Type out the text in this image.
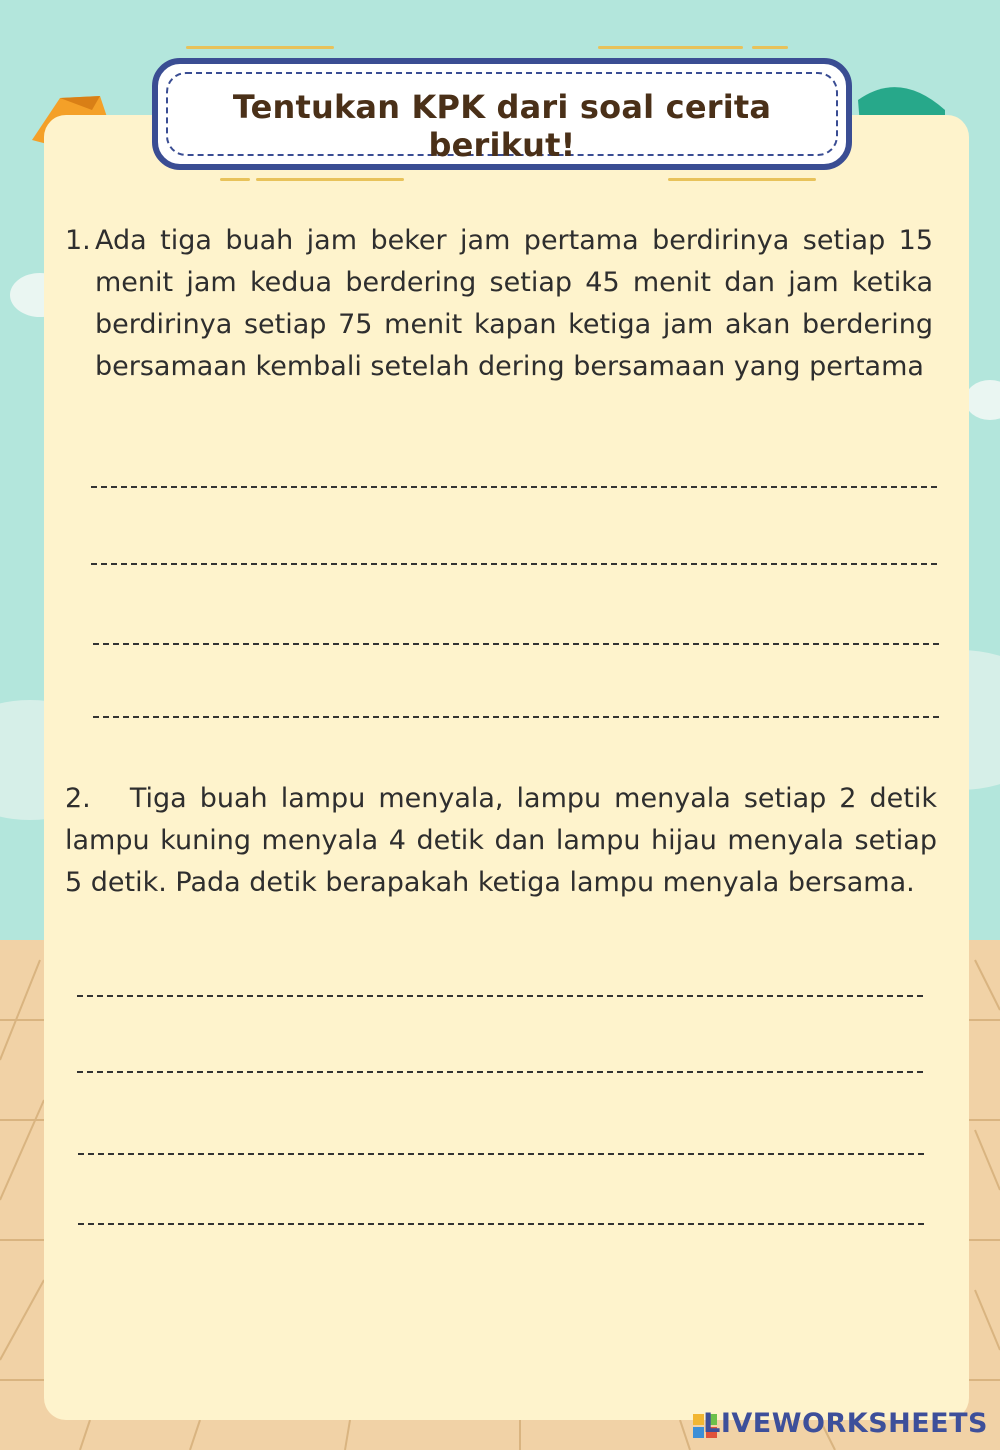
Tentukan KPK dari soal cerita berikut!
1. Ada tiga buah jam beker jam pertama berdirinya setiap 15 menit jam kedua berdering setiap 45 menit dan jam ketika berdirinya setiap 75 menit kapan ketiga jam akan berdering bersamaan kembali setelah dering bersamaan yang pertama
2. Tiga buah lampu menyala, lampu menyala setiap 2 detik lampu kuning menyala 4 detik dan lampu hijau menyala setiap 5 detik. Pada detik berapakah ketiga lampu menyala bersama.
LIVEWORKSHEETS
